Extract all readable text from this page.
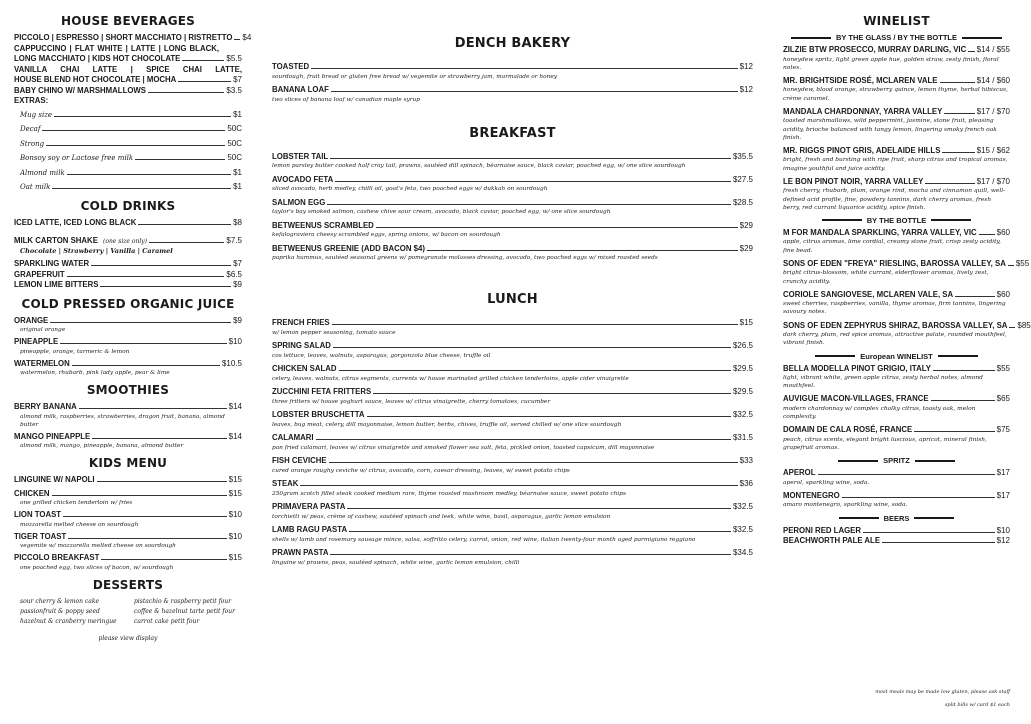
HOUSE BEVERAGES
PICCOLO | ESPRESSO | SHORT MACCHIATO | RISTRETTO $4
CAPPUCCINO | FLAT WHITE | LATTE | LONG BLACK,
LONG MACCHIATO | KIDS HOT CHOCOLATE	$5.5
VANILLA CHAI LATTE | SPICE CHAI LATTE,
HOUSE BLEND HOT CHOCOLATE | MOCHA	$7
BABY CHINO W/ MARSHMALLOWS	$3.5
EXTRAS:
Mug size	$1
Decaf	50C
Strong	50C
Bonsoy soy or Lactose free milk	50C
Almond milk	$1
Oat milk	$1
COLD DRINKS
ICED LATTE, ICED LONG BLACK	$8
MILK CARTON SHAKE
(one size only)	$7.5
Chocolate | Strawberry | Vanilla | Caramel
SPARKLING WATER	$7
GRAPEFRUIT	$6.5
LEMON LIME BITTERS	$9
COLD PRESSED ORGANIC JUICE
ORANGE	$9
original orange
PINEAPPLE	$10
pineapple, orange, turmeric & lemon
WATERMELON	$10.5
watermelon, rhubarb, pink lady apple, pear & lime
SMOOTHIES
BERRY BANANA	$14
almond milk, raspberries, strawberries, dragon fruit, banana, almond butter
MANGO PINEAPPLE	$14
almond milk, mango, pineapple, banana, almond butter
KIDS MENU
LINGUINE W/ NAPOLI	$15
CHICKEN	$15
one grilled chicken tenderloin w/ fries
LION TOAST	$10
mozzarella melted cheese on sourdough
TIGER TOAST	$10
vegemite w/ mozzarella melted cheese on sourdough
PICCOLO BREAKFAST	$15
one poached egg, two slices of bacon, w/ sourdough
DESSERTS
sour cherry & lemon cake	pistachio & raspberry petit four
passionfruit & poppy seed	coffee & hazelnut tarte petit four
hazelnut & cranberry meringue	carrot cake petit four
please view display
DENCH BAKERY
TOASTED	$12
sourdough, fruit bread or gluten free bread w/ vegemite or strawberry jam, marmalade or honey
BANANA LOAF	$12
two slices of banana loaf w/ canadian maple syrup
BREAKFAST
LOBSTER TAIL	$35.5
lemon parsley butter cooked half cray tail, prawns, sautéed dill spinach, béarnaise sauce, black caviar, poached egg, w/ one slice sourdough
AVOCADO FETA	$27.5
sliced avocado, herb medley, chilli oil, goat's feta, two poached eggs w/ dukkah on sourdough
SALMON EGG	$28.5
taylor's bay smoked salmon, cashew chive sour cream, avocado, black caviar, poached egg, w/ one slice sourdough
BETWEENUS SCRAMBLED	$29
kefalograviera cheesy scrambled eggs, spring onions, w/ bacon on sourdough
BETWEENUS GREENIE (ADD BACON $4)	$29
paprika hummus, sautéed seasonal greens w/ pomegranate molasses dressing, avocado, two poached eggs w/ mixed roasted seeds
LUNCH
FRENCH FRIES	$15
w/ lemon pepper seasoning, tomato sauce
SPRING SALAD	$26.5
cos lettuce, leaves, walnuts, asparagus, gorgonzola blue cheese, truffle oil
CHICKEN SALAD	$29.5
celery, leaves, walnuts, citrus segments, currents w/ house marinated grilled chicken tenderloins, apple cider vinaigrette
ZUCCHINI FETA FRITTERS	$29.5
three fritters w/ house yoghurt sauce, leaves w/ citrus vinaigrette, cherry tomatoes, cucumber
LOBSTER BRUSCHETTA	$32.5
leaves, bug meat, celery, dill mayonnaise, lemon butter, herbs, chives, truffle oil, served chilled w/ one slice sourdough
CALAMARI	$31.5
pan fried calamari, leaves w/ citrus vinaigrette and smoked flower sea salt, feta, pickled onion, toasted capsicum, dill mayonnaise
FISH CEVICHE	$33
cured orange roughy ceviche w/ citrus, avocado, corn, caesar dressing, leaves, w/ sweet potato chips
STEAK	$36
250gram scotch fillet steak cooked medium rare, thyme roasted mushroom medley, béarnaise sauce, sweet potato chips
PRIMAVERA PASTA	$32.5
torchietti w/ peas, crème of cashew, sautéed spinach and leek, white wine, basil, asparagus, garlic lemon emulsion
LAMB RAGU PASTA	$32.5
shells w/ lamb and rosemary sausage mince, salsa, soffritto celery, carrot, onion, red wine, italian twenty-four month aged parmigiano reggiano
PRAWN PASTA	$34.5
linguine w/ prawns, peas, sautéed spinach, white wine, garlic lemon emulsion, chilli
WINELIST
BY THE GLASS / BY THE BOTTLE
ZILZIE BTW PROSECCO, MURRAY DARLING, VIC $14 / $55
honeydew spritz, light green apple hue, golden straw, zesty finish, floral notes.
MR. BRIGHTSIDE ROSÉ, MCLAREN VALE	$14 / $60
honeydew, blood orange, strawberry quince, lemon thyme, herbal hibiscus, crème caramel.
MANDALA CHARDONNAY, YARRA VALLEY	$17 / $70
toasted marshmallows, wild peppermint, jasmine, stone fruit, pleasing acidity, brioche balanced with tangy lemon, lingering smoky french oak finish.
MR. RIGGS PINOT GRIS, ADELAIDE HILLS	$15 / $62
bright, fresh and bursting with ripe fruit, sharp citrus and tropical aromas, imagine youthful and juice acidity.
LE BON PINOT NOIR, YARRA VALLEY	$17 / $70
fresh cherry, rhubarb, plum, orange rind, mocha and cinnamon quill, well-defined acid profile, fine, powdery tannins, dark cherry aromas, fresh berry, red currant liquorice acidity, spice finish.
BY THE BOTTLE
M FOR MANDALA SPARKLING, YARRA VALLEY, VIC	$60
apple, citrus aromas, lime cordial, creamy stone fruit, crisp zesty acidity, fine bead.
SONS OF EDEN "FREYA" RIESLING, BAROSSA VALLEY, SA $55
bright citrus-blossom, white currant, elderflower aromas, lively zest, crunchy acidity.
CORIOLE SANGIOVESE, MCLAREN VALE, SA	$60
sweet cherries, raspberries, vanilla, thyme aromas, firm tannins, lingering savoury notes.
SONS OF EDEN ZEPHYRUS SHIRAZ, BAROSSA VALLEY, SA $85
dark cherry, plum, red spice aromas, attractive palate, rounded mouthfeel, vibrant finish.
European WINELIST
BELLA MODELLA PINOT GRIGIO, ITALY	$55
light, vibrant white, green apple citrus, zesty herbal notes, almond mouthfeel.
AUVIGUE MACON-VILLAGES, FRANCE	$65
modern chardonnay w/ complex chalky citrus, toasty oak, melon complexity.
DOMAIN DE CALA ROSÉ, FRANCE	$75
peach, citrus scents, elegant bright luscious, apricot, mineral finish, grapefruit aromas.
SPRITZ
APEROL	$17
aperol, sparkling wine, soda.
MONTENEGRO	$17
amaro montenegro, sparkling wine, soda.
BEERS
PERONI RED LAGER	$10
BEACHWORTH PALE ALE	$12
most meals may be made low gluten, please ask staff
split bills w/ card $1 each
